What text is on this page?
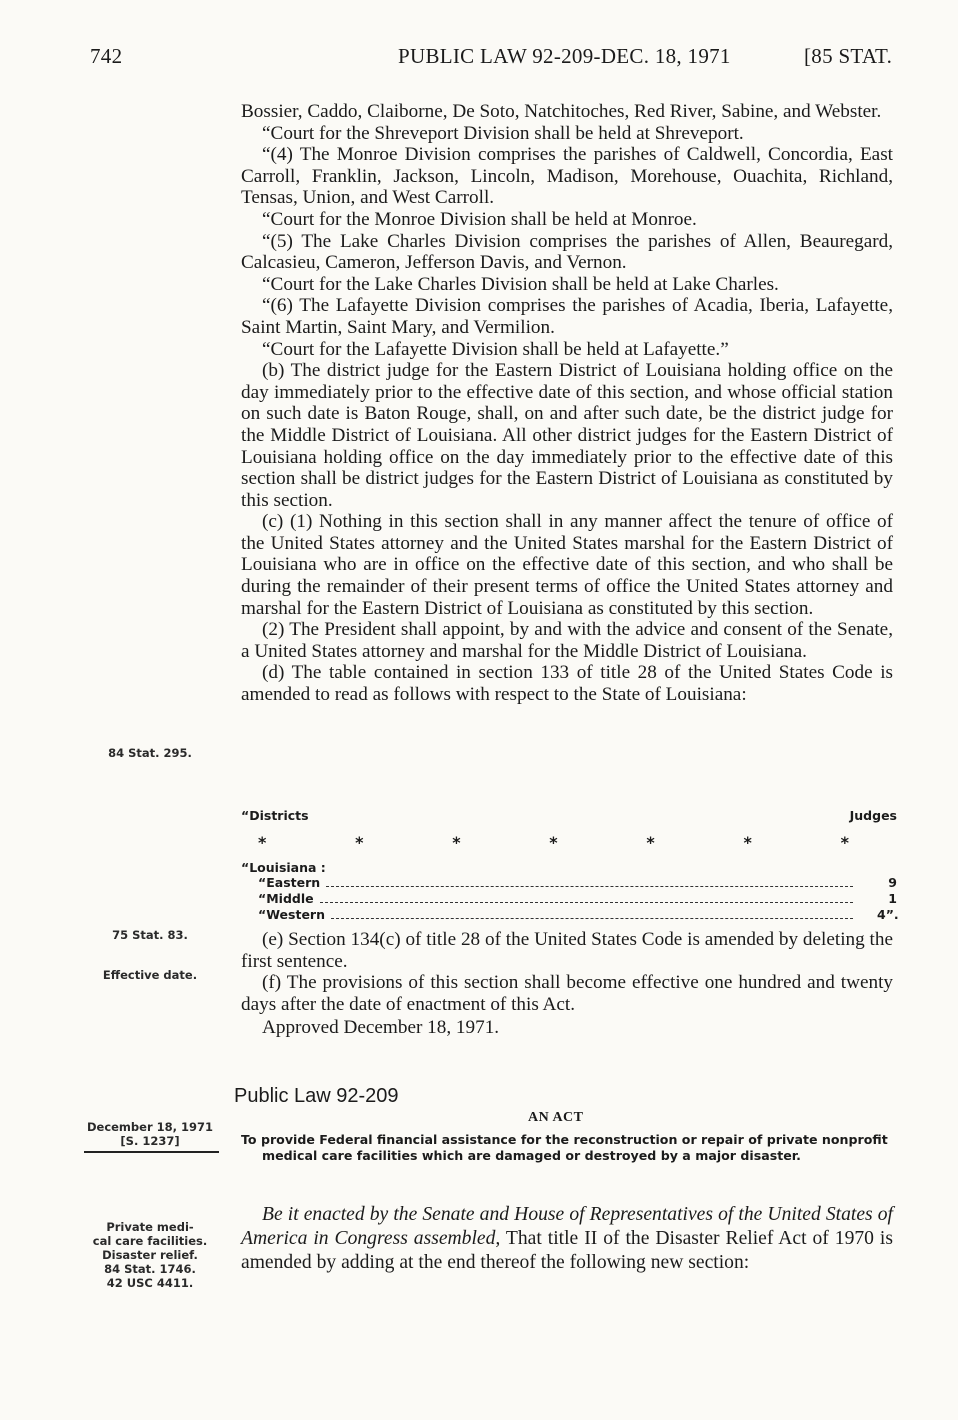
742	PUBLIC LAW 92-209-DEC. 18, 1971	[85 STAT.

Bossier, Caddo, Claiborne, De Soto, Natchitoches, Red River, Sabine, and Webster.

“Court for the Shreveport Division shall be held at Shreveport.

“(4) The Monroe Division comprises the parishes of Caldwell, Concordia, East Carroll, Franklin, Jackson, Lincoln, Madison, Morehouse, Ouachita, Richland, Tensas, Union, and West Carroll.

“Court for the Monroe Division shall be held at Monroe.

“(5) The Lake Charles Division comprises the parishes of Allen, Beauregard, Calcasieu, Cameron, Jefferson Davis, and Vernon.

“Court for the Lake Charles Division shall be held at Lake Charles.

“(6) The Lafayette Division comprises the parishes of Acadia, Iberia, Lafayette, Saint Martin, Saint Mary, and Vermilion.

“Court for the Lafayette Division shall be held at Lafayette.”

(b) The district judge for the Eastern District of Louisiana holding office on the day immediately prior to the effective date of this section, and whose official station on such date is Baton Rouge, shall, on and after such date, be the district judge for the Middle District of Louisiana. All other district judges for the Eastern District of Louisiana holding office on the day immediately prior to the effective date of this section shall be district judges for the Eastern District of Louisiana as constituted by this section.

(c) (1) Nothing in this section shall in any manner affect the tenure of office of the United States attorney and the United States marshal for the Eastern District of Louisiana who are in office on the effective date of this section, and who shall be during the remainder of their present terms of office the United States attorney and marshal for the Eastern District of Louisiana as constituted by this section.

(2) The President shall appoint, by and with the advice and consent of the Senate, a United States attorney and marshal for the Middle District of Louisiana.

(d) The table contained in section 133 of title 28 of the United States Code is amended to read as follows with respect to the State of Louisiana:

84 Stat. 295.
“Districts	Judges
*	*	*	*	*	*	*
“Louisiana :
“Eastern	9
“Middle	1
“Western	4”.
75 Stat. 83.
Effective date.

(e) Section 134(c) of title 28 of the United States Code is amended by deleting the first sentence.

(f) The provisions of this section shall become effective one hundred and twenty days after the date of enactment of this Act.

Approved December 18, 1971.

Public Law 92-209
AN ACT
December 18, 1971
[S. 1237]	To provide Federal financial assistance for the reconstruction or repair of private nonprofit medical care facilities which are damaged or destroyed by a major disaster.
Private medi-
cal care facilities.
Disaster relief.
84 Stat. 1746.
42 USC 4411.

Be it enacted by the Senate and House of Representatives of the United States of America in Congress assembled, That title II of the Disaster Relief Act of 1970 is amended by adding at the end thereof the following new section:
